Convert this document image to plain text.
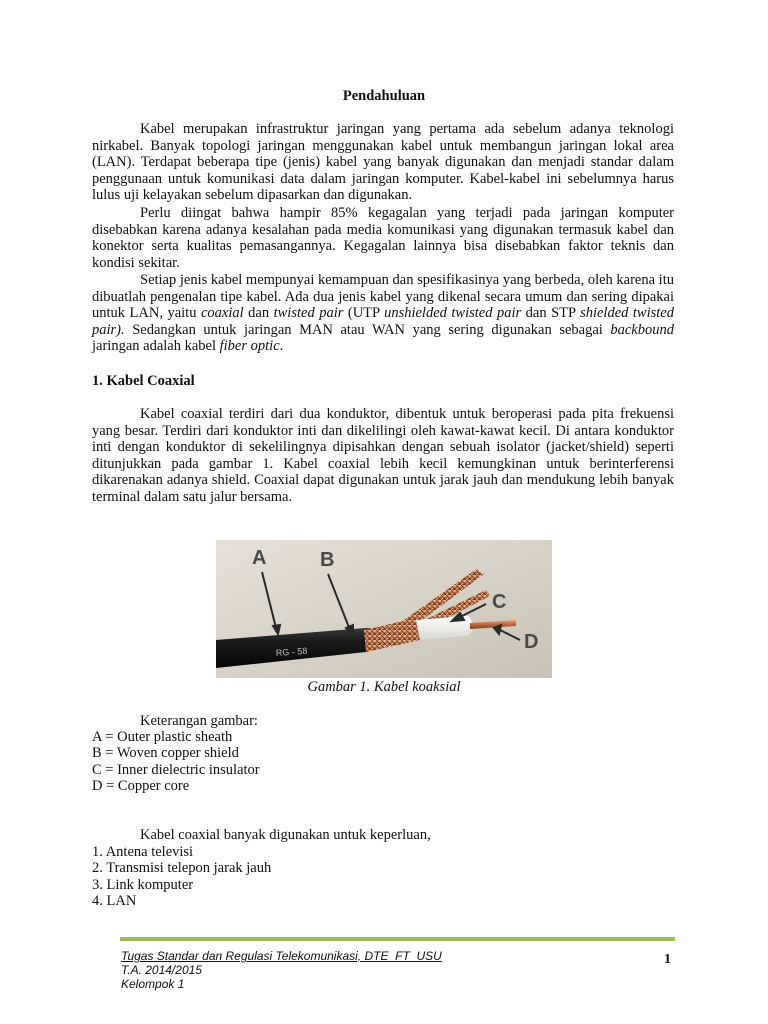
Pendahuluan

Kabel merupakan infrastruktur jaringan yang pertama ada sebelum adanya teknologi nirkabel. Banyak topologi jaringan menggunakan kabel untuk membangun jaringan lokal area (LAN). Terdapat beberapa tipe (jenis) kabel yang banyak digunakan dan menjadi standar dalam penggunaan untuk komunikasi data dalam jaringan komputer. Kabel-kabel ini sebelumnya harus lulus uji kelayakan sebelum dipasarkan dan digunakan.

Perlu diingat bahwa hampir 85% kegagalan yang terjadi pada jaringan komputer disebabkan karena adanya kesalahan pada media komunikasi yang digunakan termasuk kabel dan konektor serta kualitas pemasangannya. Kegagalan lainnya bisa disebabkan faktor teknis dan kondisi sekitar.

Setiap jenis kabel mempunyai kemampuan dan spesifikasinya yang berbeda, oleh karena itu dibuatlah pengenalan tipe kabel. Ada dua jenis kabel yang dikenal secara umum dan sering dipakai untuk LAN, yaitu coaxial dan twisted pair (UTP unshielded twisted pair dan STP shielded twisted pair). Sedangkan untuk jaringan MAN atau WAN yang sering digunakan sebagai backbound jaringan adalah kabel fiber optic.

1. Kabel Coaxial

Kabel coaxial terdiri dari dua konduktor, dibentuk untuk beroperasi pada pita frekuensi yang besar. Terdiri dari konduktor inti dan dikelilingi oleh kawat-kawat kecil. Di antara konduktor inti dengan konduktor di sekelilingnya dipisahkan dengan sebuah isolator (jacket/shield) seperti ditunjukkan pada gambar 1. Kabel coaxial lebih kecil kemungkinan untuk berinterferensi dikarenakan adanya shield. Coaxial dapat digunakan untuk jarak jauh dan mendukung lebih banyak terminal dalam satu jalur bersama.

RG - 58
A	B
C
D
Gambar 1. Kabel koaksial
Keterangan gambar:
A = Outer plastic sheath
B = Woven copper shield
C = Inner dielectric insulator
D = Copper core
Kabel coaxial banyak digunakan untuk keperluan,
1. Antena televisi
2. Transmisi telepon jarak jauh
3. Link komputer
4. LAN
Tugas Standar dan Regulasi Telekomunikasi, DTE_FT_USU
T.A. 2014/2015
Kelompok 1
1
